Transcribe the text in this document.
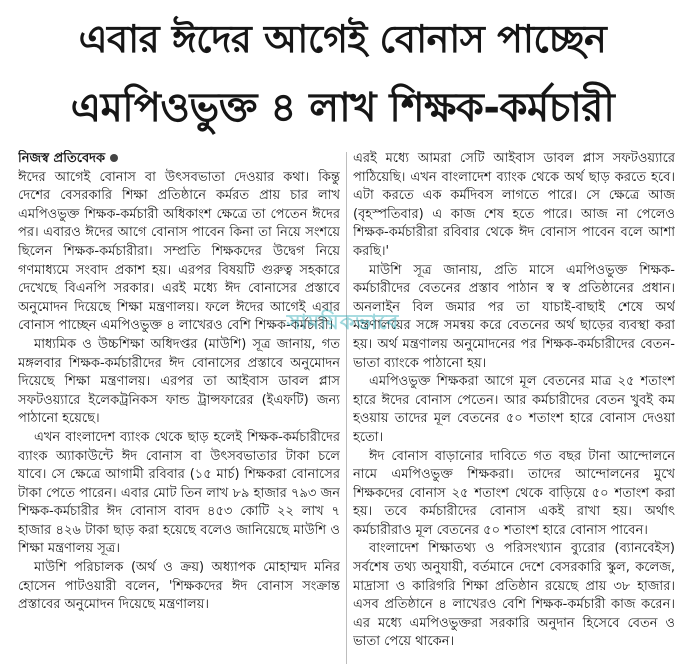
এবার ঈদের আগেই বোনাস পাচ্ছেন
এমপিওভুক্ত ৪ লাখ শিক্ষক-কর্মচারী

নিজস্ব প্রতিবেদক

ঈদের আগেই বোনাস বা উৎসবভাতা দেওয়ার কথা। কিন্তু দেশের বেসরকারি শিক্ষা প্রতিষ্ঠানে কর্মরত প্রায় চার লাখ এমপিওভুক্ত শিক্ষক-কর্মচারী অধিকাংশ ক্ষেত্রে তা পেতেন ঈদের পর। এবারও ঈদের আগে বোনাস পাবেন কিনা তা নিয়ে সংশয়ে ছিলেন শিক্ষক-কর্মচারীরা। সম্প্রতি শিক্ষকদের উদ্বেগ নিয়ে গণমাধ্যমে সংবাদ প্রকাশ হয়। এরপর বিষয়টি গুরুত্ব সহকারে দেখেছে বিএনপি সরকার। এরই মধ্যে ঈদ বোনাসের প্রস্তাবে অনুমোদন দিয়েছে শিক্ষা মন্ত্রণালয়। ফলে ঈদের আগেই এবার বোনাস পাচ্ছেন এমপিওভুক্ত ৪ লাখেরও বেশি শিক্ষক-কর্মচারী।

মাধ্যমিক ও উচ্চশিক্ষা অধিদপ্তর (মাউশি) সূত্র জানায়, গত মঙ্গলবার শিক্ষক-কর্মচারীদের ঈদ বোনাসের প্রস্তাবে অনুমোদন দিয়েছে শিক্ষা মন্ত্রণালয়। এরপর তা আইবাস ডাবল প্লাস সফটওয়্যারে ইলেকট্রনিকস ফান্ড ট্রান্সফারের (ইএফটি) জন্য পাঠানো হয়েছে।

এখন বাংলাদেশ ব্যাংক থেকে ছাড় হলেই শিক্ষক-কর্মচারীদের ব্যাংক অ্যাকাউন্টে ঈদ বোনাস বা উৎসবভাতার টাকা চলে যাবে। সে ক্ষেত্রে আগামী রবিবার (১৫ মার্চ) শিক্ষকরা বোনাসের টাকা পেতে পারেন। এবার মোট তিন লাখ ৮৯ হাজার ৭৯৩ জন শিক্ষক-কর্মচারীর ঈদ বোনাস বাবদ ৪৫৩ কোটি ২২ লাখ ৭ হাজার ৪২৬ টাকা ছাড় করা হয়েছে বলেও জানিয়েছে মাউশি ও শিক্ষা মন্ত্রণালয় সূত্র।

মাউশি পরিচালক (অর্থ ও ক্রয়) অধ্যাপক মোহাম্মদ মনির হোসেন পাটওয়ারী বলেন, 'শিক্ষকদের ঈদ বোনাস সংক্রান্ত প্রস্তাবের অনুমোদন দিয়েছে মন্ত্রণালয়।

এরই মধ্যে আমরা সেটি আইবাস ডাবল প্লাস সফটওয়্যারে পাঠিয়েছি। এখন বাংলাদেশ ব্যাংক থেকে অর্থ ছাড় করতে হবে। এটা করতে এক কর্মদিবস লাগতে পারে। সে ক্ষেত্রে আজ (বৃহস্পতিবার) এ কাজ শেষ হতে পারে। আজ না পেলেও শিক্ষক-কর্মচারীরা রবিবার থেকে ঈদ বোনাস পাবেন বলে আশা করছি।'

মাউশি সূত্র জানায়, প্রতি মাসে এমপিওভুক্ত শিক্ষক-কর্মচারীদের বেতনের প্রস্তাব পাঠান স্ব স্ব প্রতিষ্ঠানের প্রধান। অনলাইন বিল জমার পর তা যাচাই-বাছাই শেষে অর্থ মন্ত্রণালয়ের সঙ্গে সমন্বয় করে বেতনের অর্থ ছাড়ের ব্যবস্থা করা হয়। অর্থ মন্ত্রণালয় অনুমোদনের পর শিক্ষক-কর্মচারীদের বেতন-ভাতা ব্যাংকে পাঠানো হয়।

এমপিওভুক্ত শিক্ষকরা আগে মূল বেতনের মাত্র ২৫ শতাংশ হারে ঈদের বোনাস পেতেন। আর কর্মচারীদের বেতন খুবই কম হওয়ায় তাদের মূল বেতনের ৫০ শতাংশ হারে বোনাস দেওয়া হতো।

ঈদ বোনাস বাড়ানোর দাবিতে গত বছর টানা আন্দোলনে নামে এমপিওভুক্ত শিক্ষকরা। তাদের আন্দোলনের মুখে শিক্ষকদের বোনাস ২৫ শতাংশ থেকে বাড়িয়ে ৫০ শতাংশ করা হয়। তবে কর্মচারীদের বোনাস একই রাখা হয়। অর্থাৎ কর্মচারীরাও মূল বেতনের ৫০ শতাংশ হারে বোনাস পাবেন।

বাংলাদেশ শিক্ষাতথ্য ও পরিসংখ্যান ব্যুরোর (ব্যানবেইস) সর্বশেষ তথ্য অনুযায়ী, বর্তমানে দেশে বেসরকারি স্কুল, কলেজ, মাদ্রাসা ও কারিগরি শিক্ষা প্রতিষ্ঠান রয়েছে প্রায় ৩৮ হাজার। এসব প্রতিষ্ঠানে ৪ লাখেরও বেশি শিক্ষক-কর্মচারী কাজ করেন। এর মধ্যে এমপিওভুক্তরা সরকারি অনুদান হিসেবে বেতন ও ভাতা পেয়ে থাকেন।

সাময়িকভাবে
